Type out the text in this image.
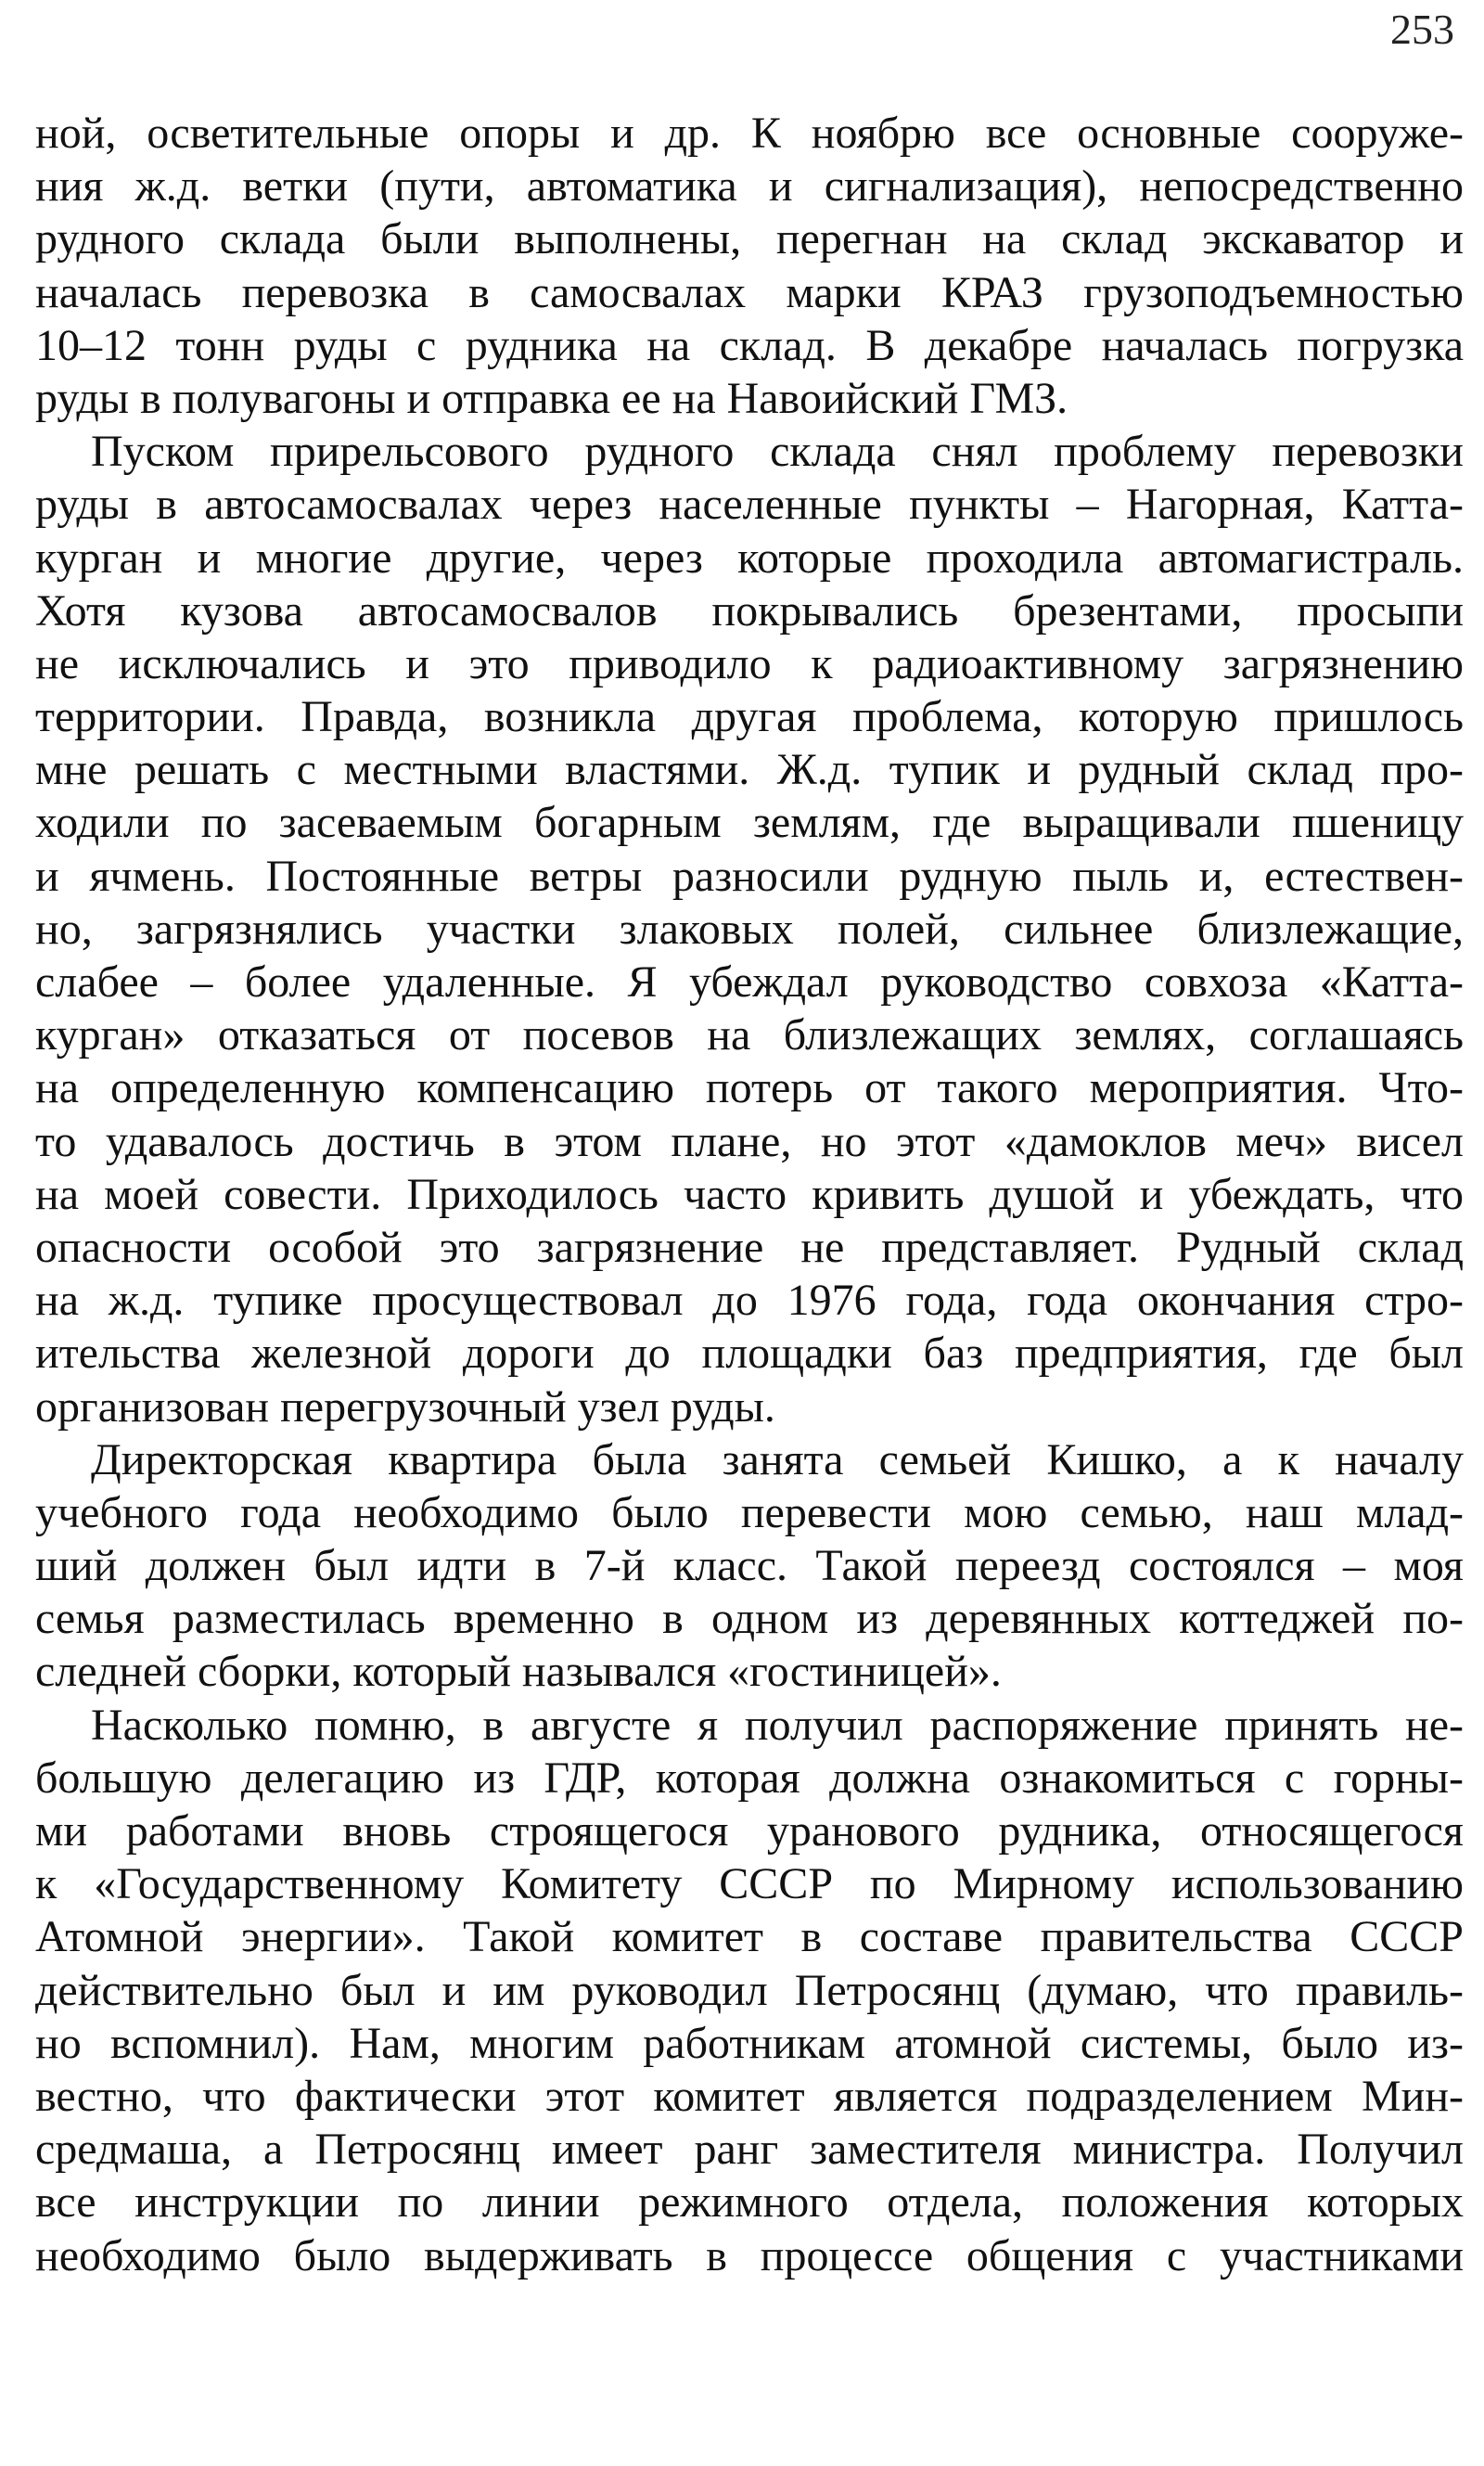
253
ной, осветительные опоры и др. К ноябрю все основные сооруже-
ния ж.д. ветки (пути, автоматика и сигнализация), непосредственно
рудного склада были выполнены, перегнан на склад экскаватор и
началась перевозка в самосвалах марки КРАЗ грузоподъемностью
10–12 тонн руды с рудника на склад. В декабре началась погрузка
руды в полувагоны и отправка ее на Навоийский ГМЗ.
Пуском прирельсового рудного склада снял проблему перевозки
руды в автосамосвалах через населенные пункты – Нагорная, Катта-
курган и многие другие, через которые проходила автомагистраль.
Хотя кузова автосамосвалов покрывались брезентами, просыпи
не исключались и это приводило к радиоактивному загрязнению
территории. Правда, возникла другая проблема, которую пришлось
мне решать с местными властями. Ж.д. тупик и рудный склад про-
ходили по засеваемым богарным землям, где выращивали пшеницу
и ячмень. Постоянные ветры разносили рудную пыль и, естествен-
но, загрязнялись участки злаковых полей, сильнее близлежащие,
слабее – более удаленные. Я убеждал руководство совхоза «Катта-
курган» отказаться от посевов на близлежащих землях, соглашаясь
на определенную компенсацию потерь от такого мероприятия. Что-
то удавалось достичь в этом плане, но этот «дамоклов меч» висел
на моей совести. Приходилось часто кривить душой и убеждать, что
опасности особой это загрязнение не представляет. Рудный склад
на ж.д. тупике просуществовал до 1976 года, года окончания стро-
ительства железной дороги до площадки баз предприятия, где был
организован перегрузочный узел руды.
Директорская квартира была занята семьей Кишко, а к началу
учебного года необходимо было перевести мою семью, наш млад-
ший должен был идти в 7-й класс. Такой переезд состоялся – моя
семья разместилась временно в одном из деревянных коттеджей по-
следней сборки, который назывался «гостиницей».
Насколько помню, в августе я получил распоряжение принять не-
большую делегацию из ГДР, которая должна ознакомиться с горны-
ми работами вновь строящегося уранового рудника, относящегося
к «Государственному Комитету СССР по Мирному использованию
Атомной энергии». Такой комитет в составе правительства СССР
действительно был и им руководил Петросянц (думаю, что правиль-
но вспомнил). Нам, многим работникам атомной системы, было из-
вестно, что фактически этот комитет является подразделением Мин-
средмаша, а Петросянц имеет ранг заместителя министра. Получил
все инструкции по линии режимного отдела, положения которых
необходимо было выдерживать в процессе общения с участниками
